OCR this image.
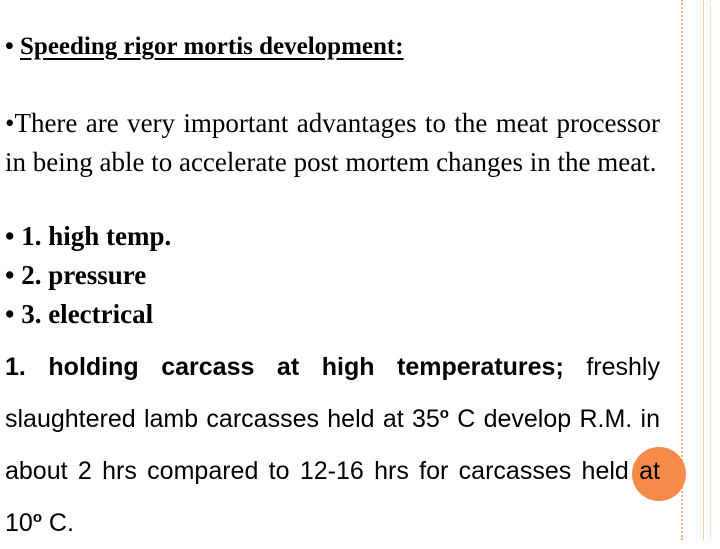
• Speeding rigor mortis development:
•There are very important advantages to the meat processor in being able to accelerate post mortem changes in the meat.
• 1. high temp.
• 2. pressure
• 3. electrical
1. holding carcass at high temperatures; freshly slaughtered lamb carcasses held at 35$^o$ C develop R.M. in about 2 hrs compared to 12-16 hrs for carcasses held at 10$^o$ C.
